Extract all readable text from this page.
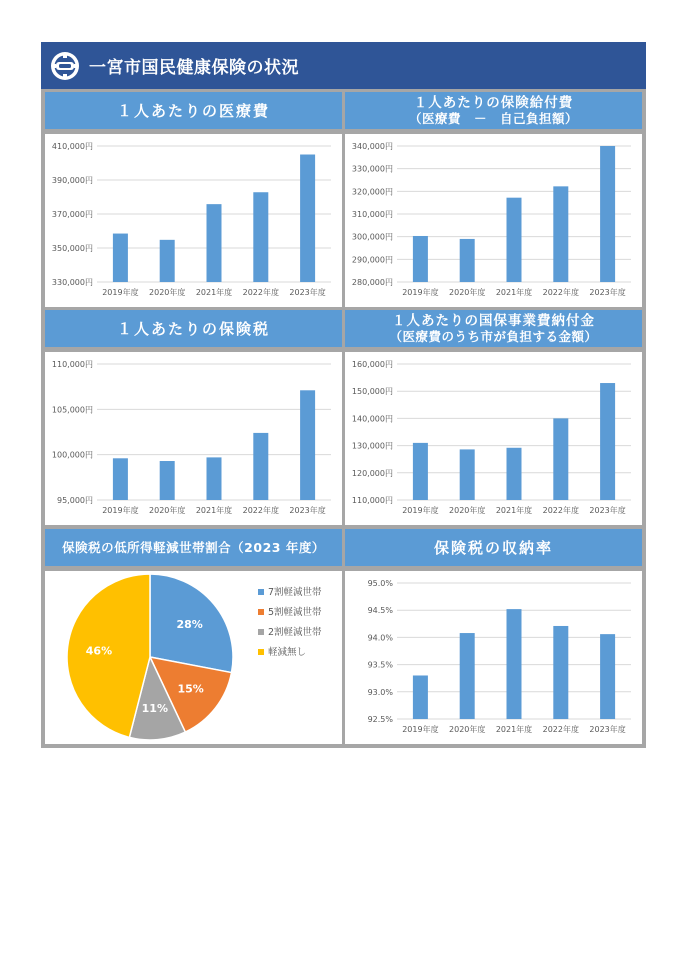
一宮市国民健康保険の状況
１人あたりの医療費
330,000円
350,000円
370,000円
390,000円
410,000円
2019年度 2020年度 2021年度 2022年度 2023年度
１人あたりの保険給付費
（医療費　－　自己負担額）
280,000円
290,000円
300,000円
310,000円
320,000円
330,000円
340,000円
2019年度 2020年度 2021年度 2022年度 2023年度
１人あたりの保険税
95,000円
100,000円
105,000円
110,000円
2019年度 2020年度 2021年度 2022年度 2023年度
１人あたりの国保事業費納付金
（医療費のうち市が負担する金額）
110,000円
120,000円
130,000円
140,000円
150,000円
160,000円
2019年度 2020年度 2021年度 2022年度 2023年度
保険税の低所得軽減世帯割合（2023 年度）
28%
15%
11%
46%
7割軽減世帯
5割軽減世帯
2割軽減世帯
軽減無し
保険税の収納率
92.5%
93.0%
93.5%
94.0%
94.5%
95.0%
2019年度 2020年度 2021年度 2022年度 2023年度
